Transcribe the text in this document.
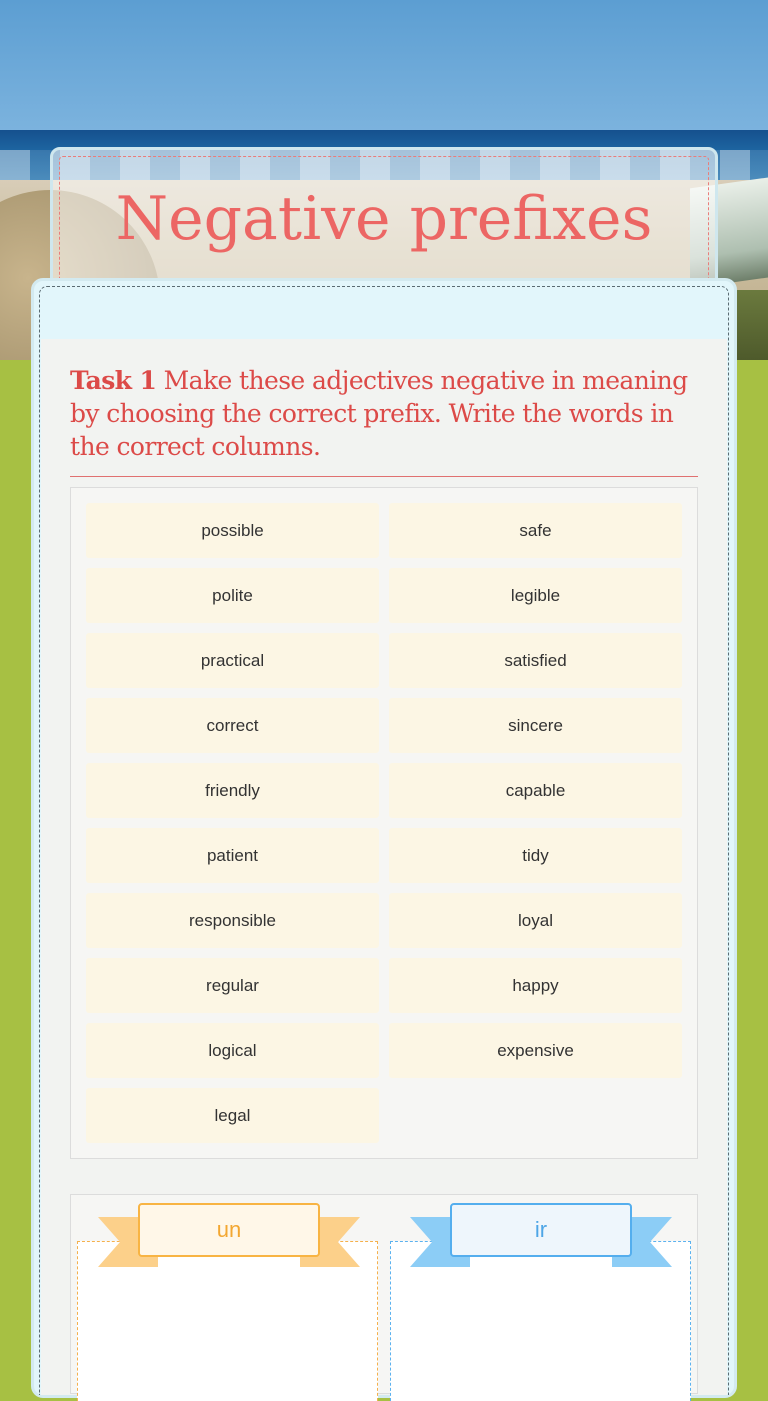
Negative prefixes
Task 1 Make these adjectives negative in meaning by choosing the correct prefix. Write the words in the correct columns.
possible	safe
polite	legible
practical	satisfied
correct	sincere
friendly	capable
patient	tidy
responsible	loyal
regular	happy
logical	expensive
legal
un	ir
